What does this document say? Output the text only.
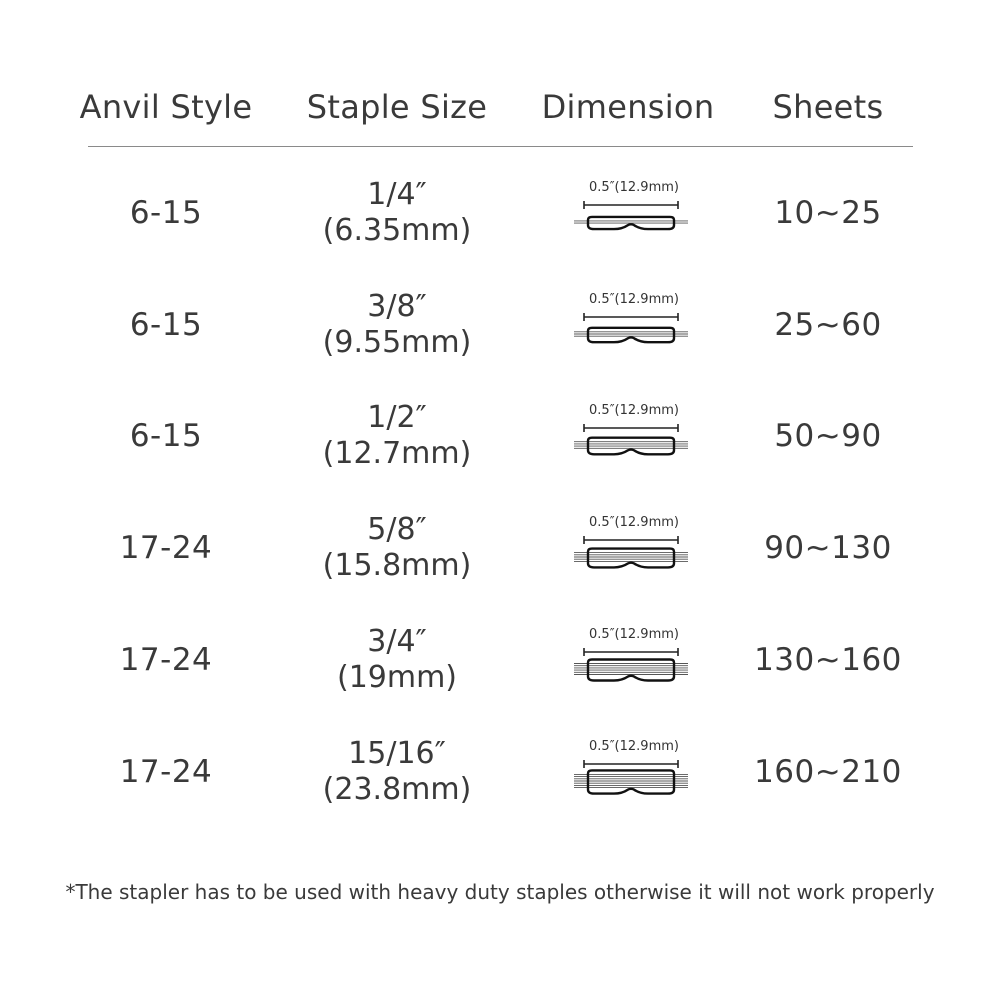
Anvil Style Staple Size Dimension Sheets
6-15
1/4″
(6.35mm)
0.5″(12.9mm)
10~25
6-15
3/8″
(9.55mm)
0.5″(12.9mm)
25~60
6-15
1/2″
(12.7mm)
0.5″(12.9mm)
50~90
17-24
5/8″
(15.8mm)
0.5″(12.9mm)
90~130
17-24
3/4″
(19mm)
0.5″(12.9mm)
130~160
17-24
15/16″
(23.8mm)
0.5″(12.9mm)
160~210
*The stapler has to be used with heavy duty staples otherwise it will not work properly
